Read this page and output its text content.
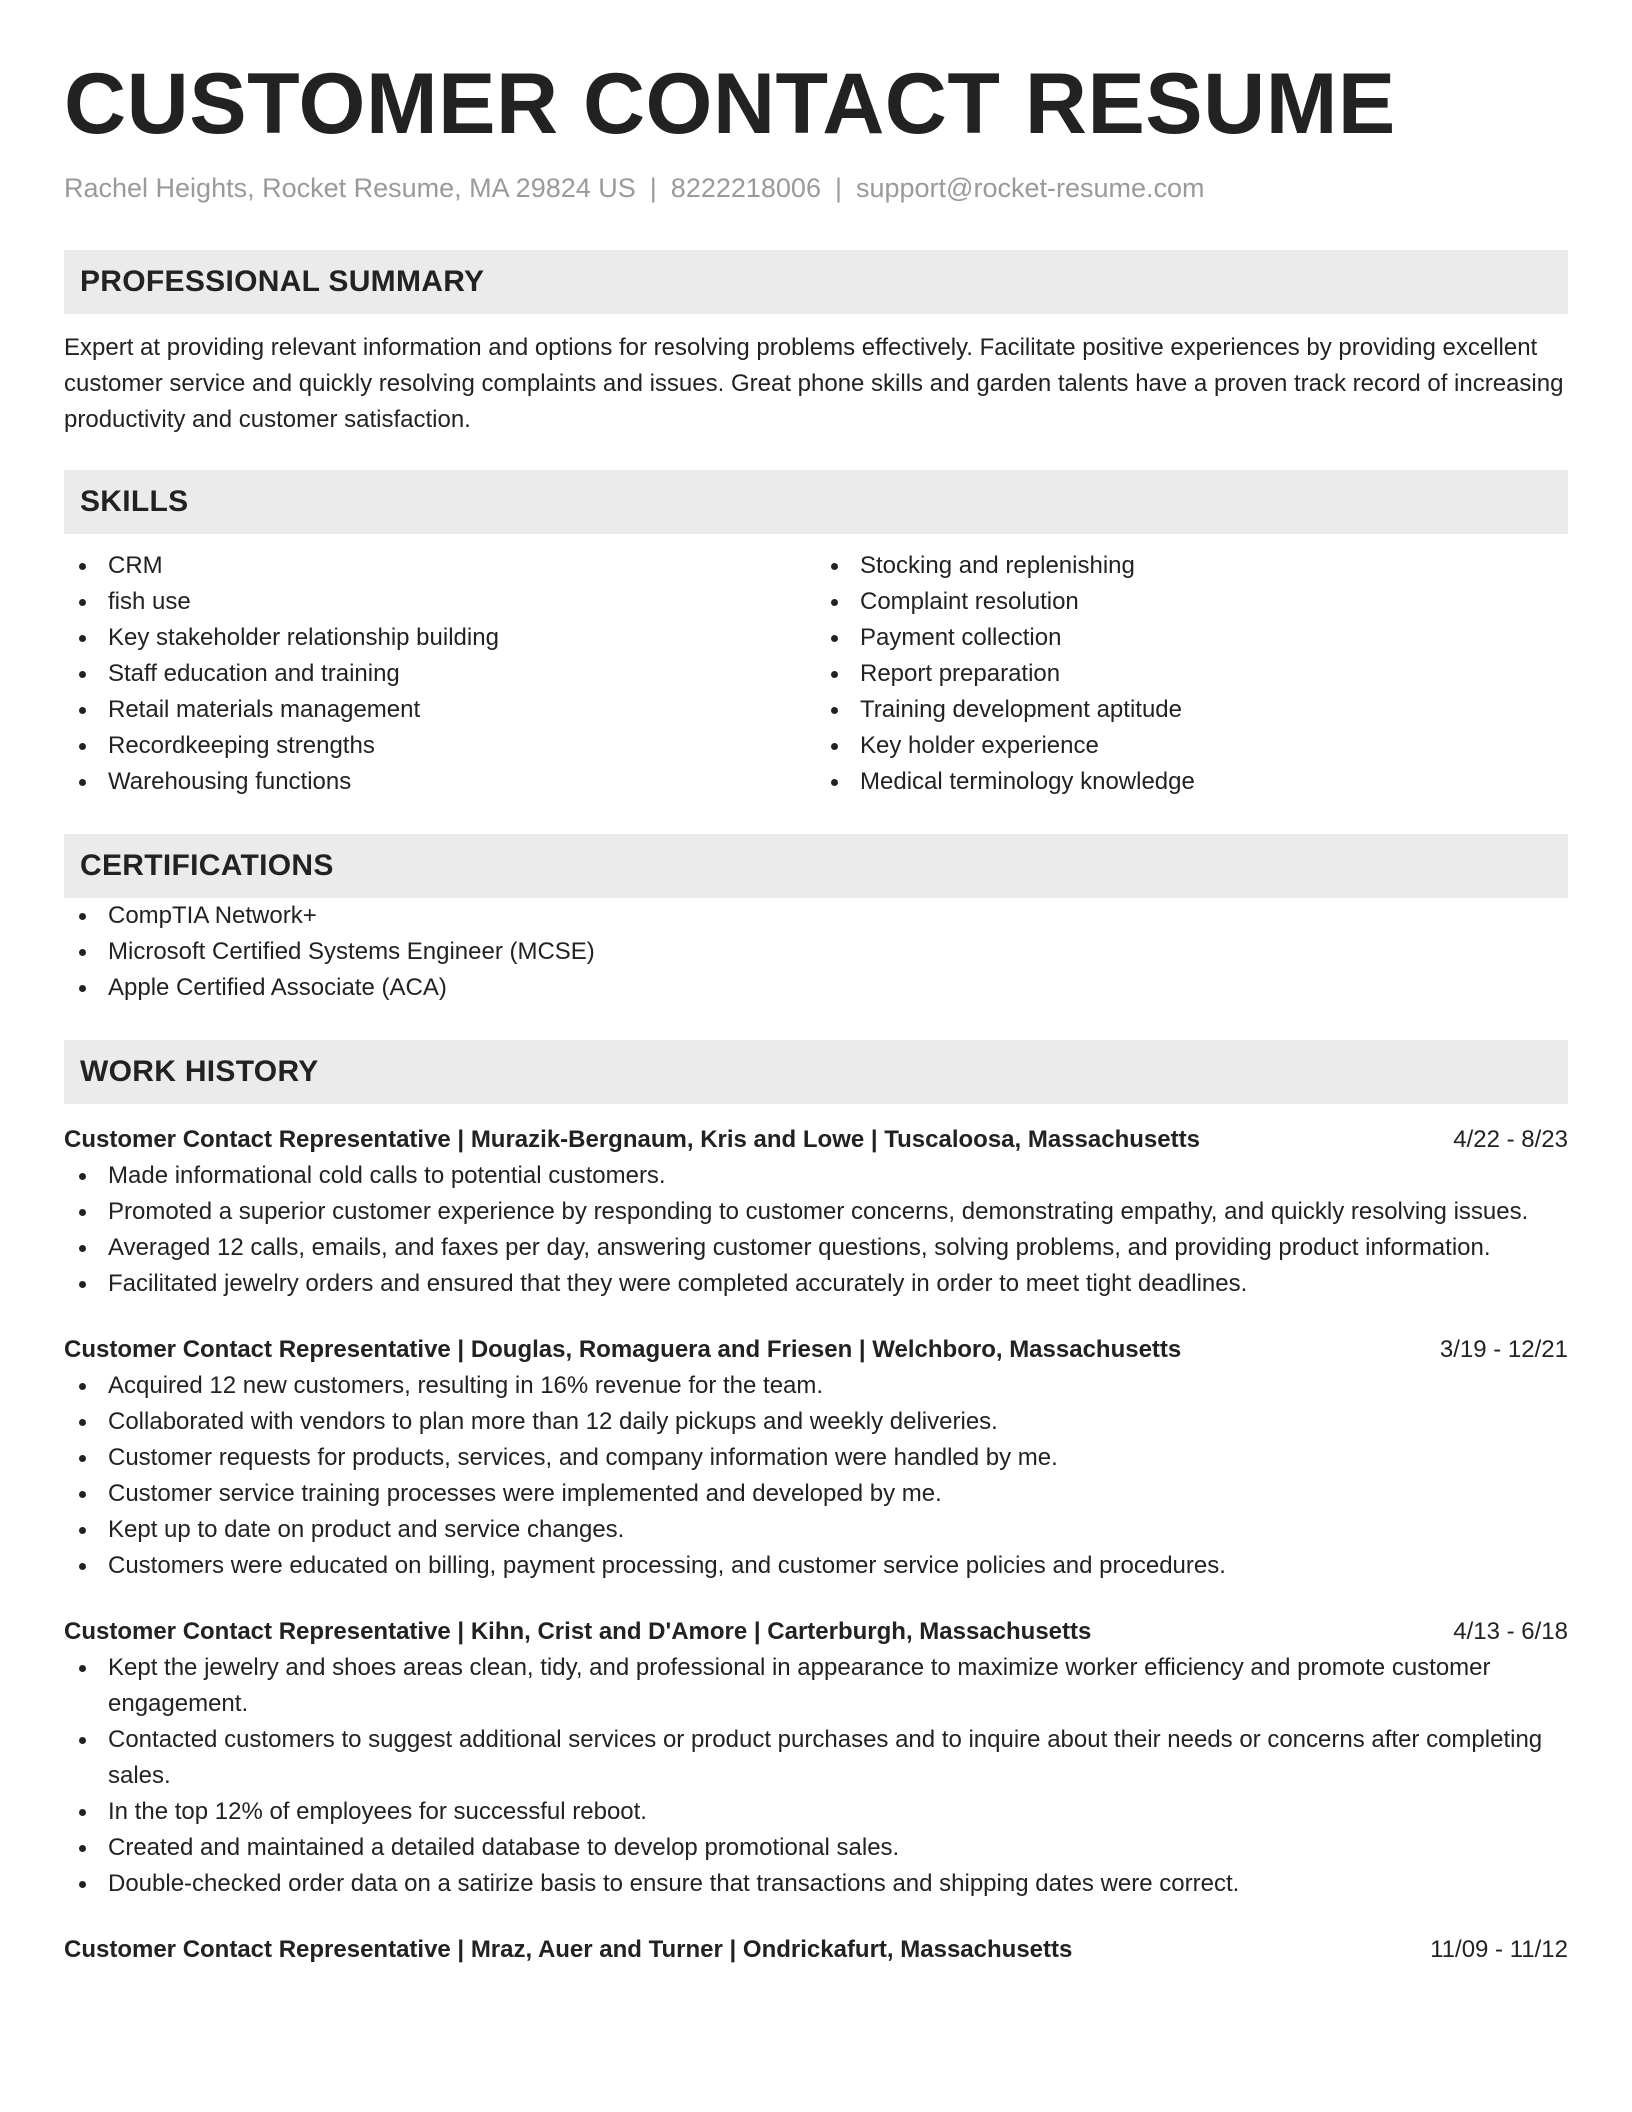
CUSTOMER CONTACT RESUME
Rachel Heights, Rocket Resume, MA 29824 US | 8222218006 | support@rocket-resume.com
PROFESSIONAL SUMMARY

Expert at providing relevant information and options for resolving problems effectively. Facilitate positive experiences by providing excellent customer service and quickly resolving complaints and issues. Great phone skills and garden talents have a proven track record of increasing productivity and customer satisfaction.

SKILLS
CRM
fish use
Key stakeholder relationship building
Staff education and training
Retail materials management
Recordkeeping strengths
Warehousing functions
Stocking and replenishing
Complaint resolution
Payment collection
Report preparation
Training development aptitude
Key holder experience
Medical terminology knowledge
CERTIFICATIONS
CompTIA Network+
Microsoft Certified Systems Engineer (MCSE)
Apple Certified Associate (ACA)
WORK HISTORY
Customer Contact Representative | Murazik-Bergnaum, Kris and Lowe | Tuscaloosa, Massachusetts	4/22 - 8/23
Made informational cold calls to potential customers.
Promoted a superior customer experience by responding to customer concerns, demonstrating empathy, and quickly resolving issues.
Averaged 12 calls, emails, and faxes per day, answering customer questions, solving problems, and providing product information.
Facilitated jewelry orders and ensured that they were completed accurately in order to meet tight deadlines.
Customer Contact Representative | Douglas, Romaguera and Friesen | Welchboro, Massachusetts	3/19 - 12/21
Acquired 12 new customers, resulting in 16% revenue for the team.
Collaborated with vendors to plan more than 12 daily pickups and weekly deliveries.
Customer requests for products, services, and company information were handled by me.
Customer service training processes were implemented and developed by me.
Kept up to date on product and service changes.
Customers were educated on billing, payment processing, and customer service policies and procedures.
Customer Contact Representative | Kihn, Crist and D'Amore | Carterburgh, Massachusetts	4/13 - 6/18
Kept the jewelry and shoes areas clean, tidy, and professional in appearance to maximize worker efficiency and promote customer engagement.
Contacted customers to suggest additional services or product purchases and to inquire about their needs or concerns after completing sales.
In the top 12% of employees for successful reboot.
Created and maintained a detailed database to develop promotional sales.
Double-checked order data on a satirize basis to ensure that transactions and shipping dates were correct.
Customer Contact Representative | Mraz, Auer and Turner | Ondrickafurt, Massachusetts	11/09 - 11/12
